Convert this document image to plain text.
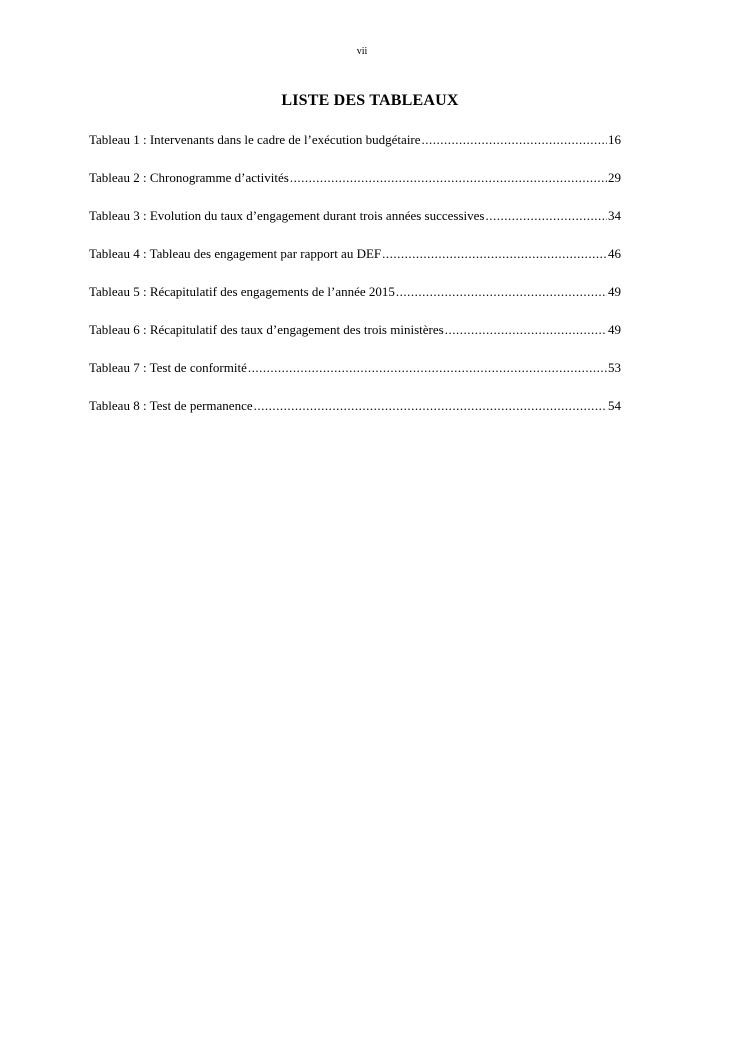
vii
LISTE DES TABLEAUX
Tableau 1 : Intervenants dans le cadre de l’exécution budgétaire .....	16
Tableau 2 : Chronogramme d’activités .....	29
Tableau 3 : Evolution du taux d’engagement durant trois années successives .....	34
Tableau 4 : Tableau des engagement par rapport au DEF .....	46
Tableau 5 : Récapitulatif des engagements de l’année 2015 .....	49
Tableau 6 : Récapitulatif des taux d’engagement des trois ministères .....	49
Tableau 7 : Test de conformité .....	53
Tableau 8 : Test de permanence .....	54
